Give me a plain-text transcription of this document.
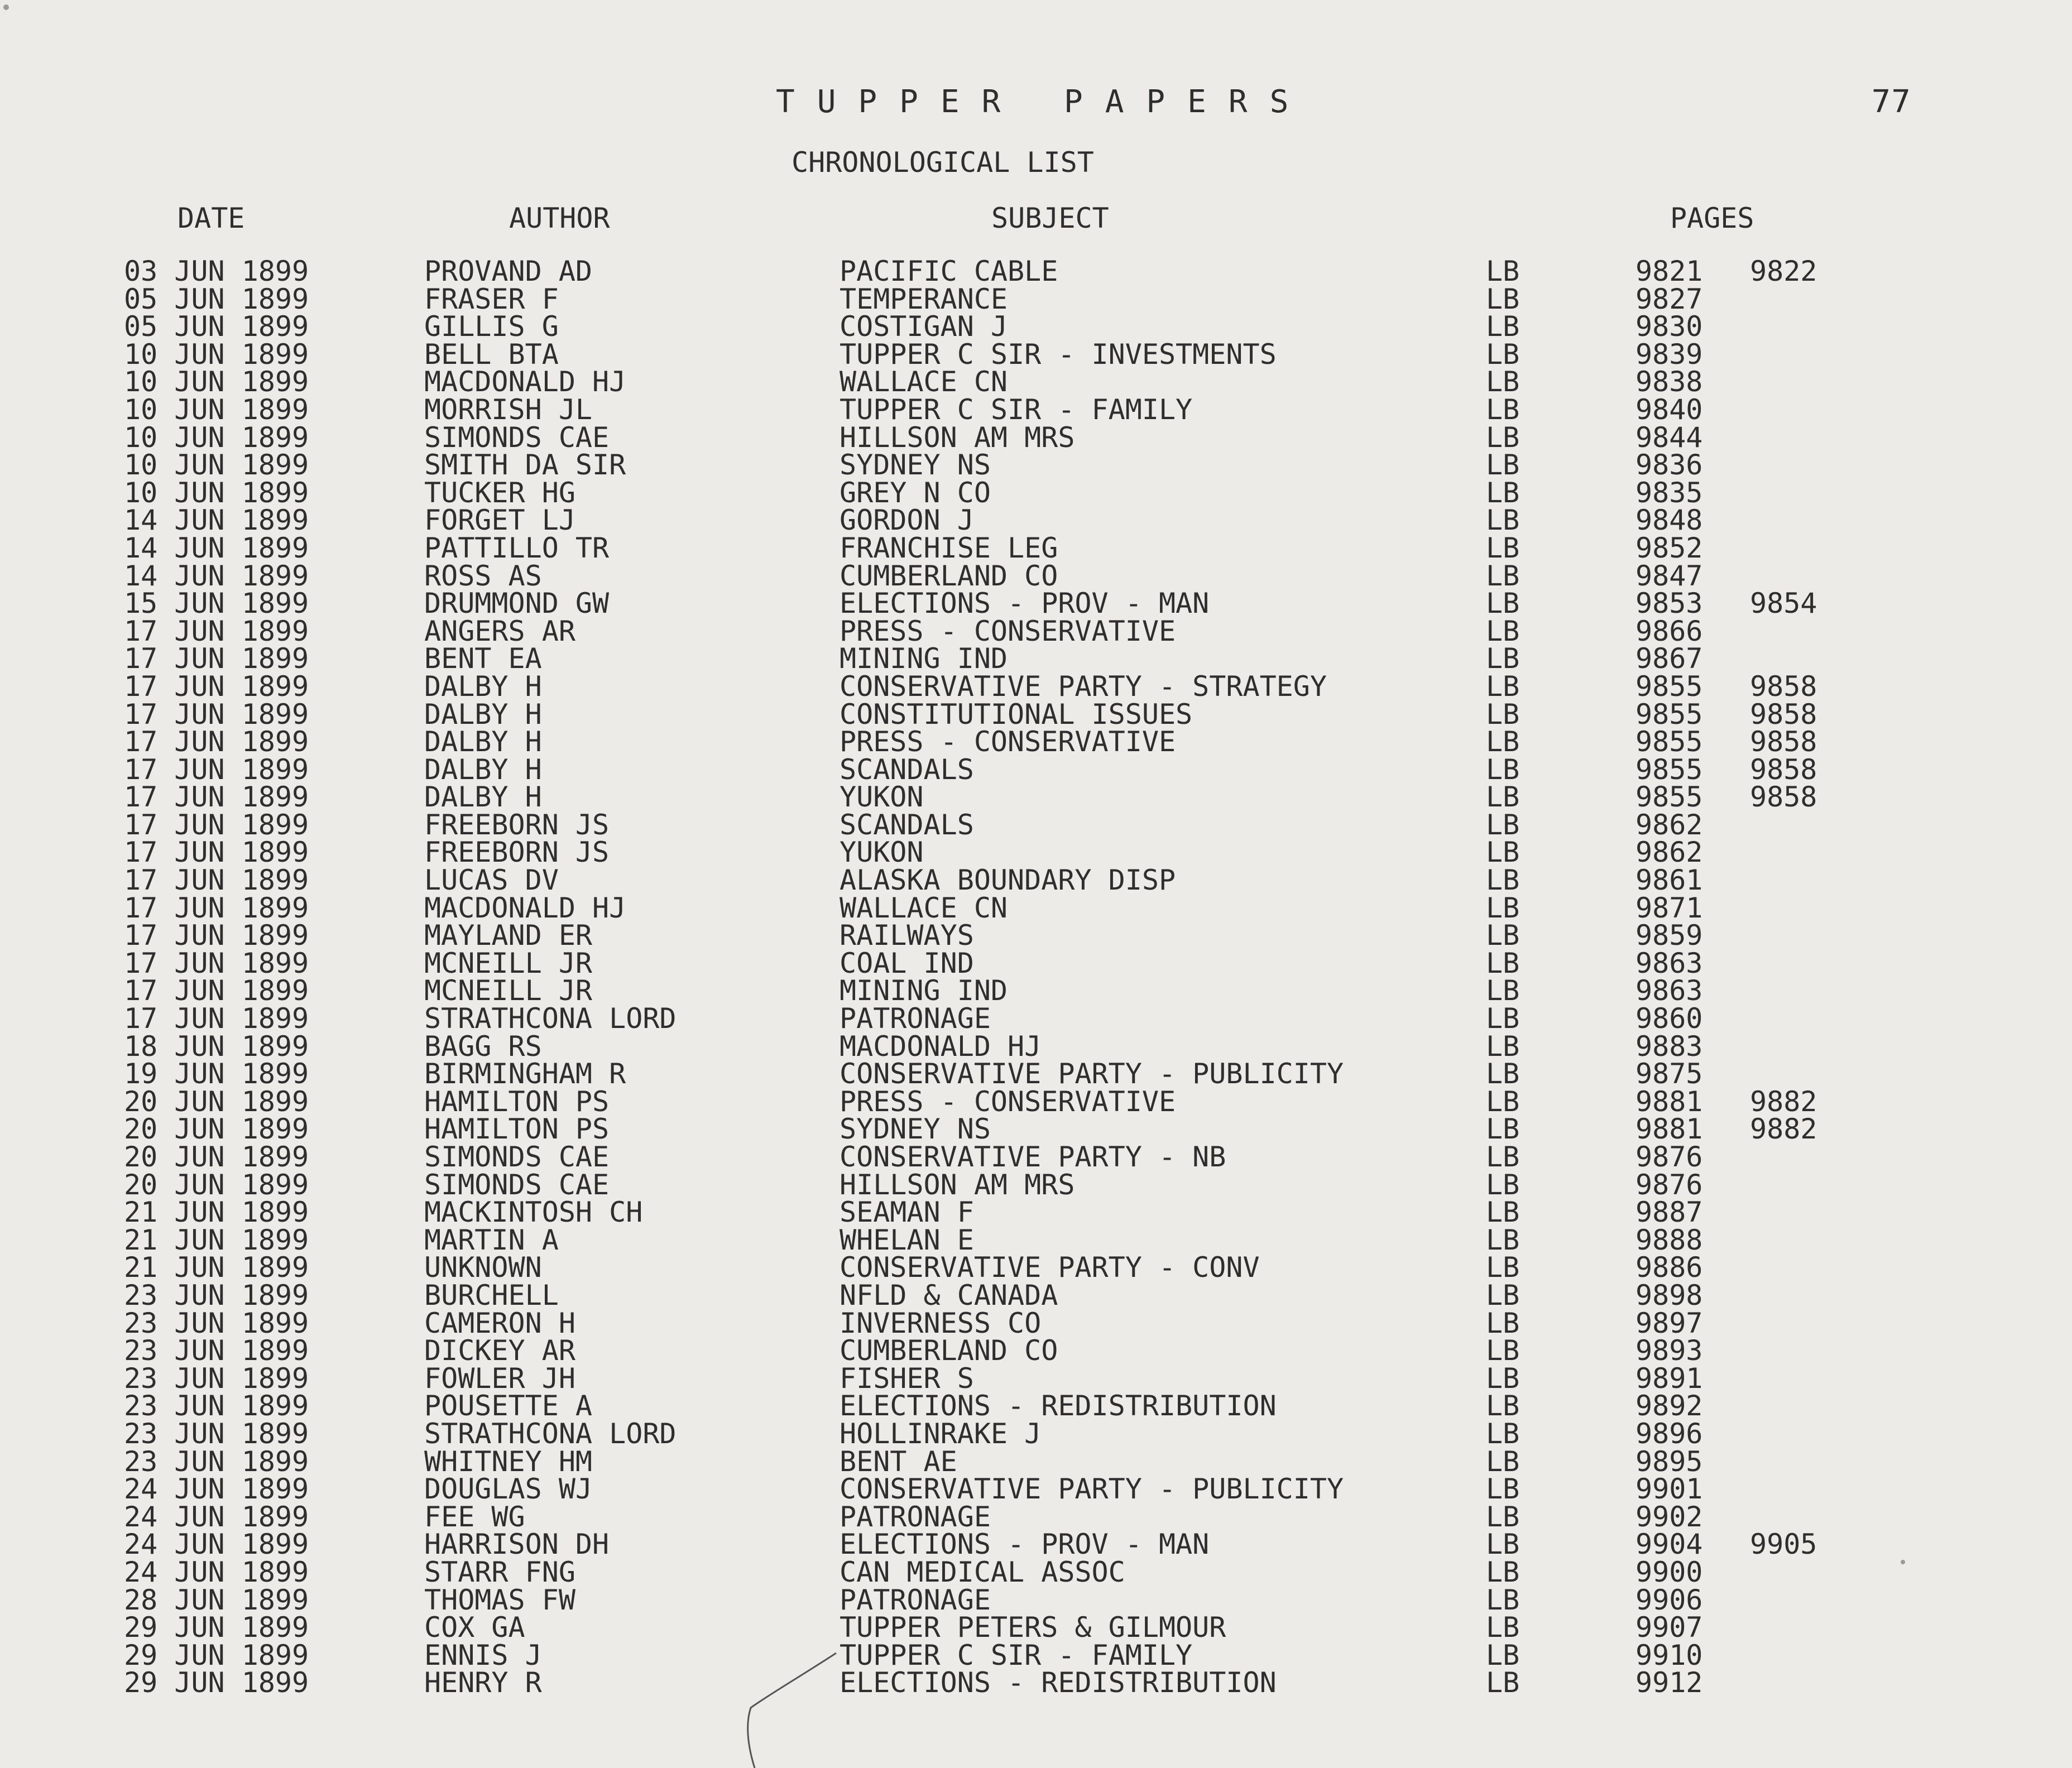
TUPPER PAPERS	77
CHRONOLOGICAL LIST
DATE	AUTHOR	SUBJECT	PAGES
03 JUN 1899	PROVAND AD	PACIFIC CABLE	LB	9821 9822
05 JUN 1899	FRASER F	TEMPERANCE	LB	9827
05 JUN 1899	GILLIS G	COSTIGAN J	LB	9830
10 JUN 1899	BELL BTA	TUPPER C SIR - INVESTMENTS	LB	9839
10 JUN 1899	MACDONALD HJ	WALLACE CN	LB	9838
10 JUN 1899	MORRISH JL	TUPPER C SIR - FAMILY	LB	9840
10 JUN 1899	SIMONDS CAE	HILLSON AM MRS	LB	9844
10 JUN 1899	SMITH DA SIR	SYDNEY NS	LB	9836
10 JUN 1899	TUCKER HG	GREY N CO	LB	9835
14 JUN 1899	FORGET LJ	GORDON J	LB	9848
14 JUN 1899	PATTILLO TR	FRANCHISE LEG	LB	9852
14 JUN 1899	ROSS AS	CUMBERLAND CO	LB	9847
15 JUN 1899	DRUMMOND GW	ELECTIONS - PROV - MAN	LB	9853 9854
17 JUN 1899	ANGERS AR	PRESS - CONSERVATIVE	LB	9866
17 JUN 1899	BENT EA	MINING IND	LB	9867
17 JUN 1899	DALBY H	CONSERVATIVE PARTY - STRATEGY	LB	9855 9858
17 JUN 1899	DALBY H	CONSTITUTIONAL ISSUES	LB	9855 9858
17 JUN 1899	DALBY H	PRESS - CONSERVATIVE	LB	9855 9858
17 JUN 1899	DALBY H	SCANDALS	LB	9855 9858
17 JUN 1899	DALBY H	YUKON	LB	9855 9858
17 JUN 1899	FREEBORN JS	SCANDALS	LB	9862
17 JUN 1899	FREEBORN JS	YUKON	LB	9862
17 JUN 1899	LUCAS DV	ALASKA BOUNDARY DISP	LB	9861
17 JUN 1899	MACDONALD HJ	WALLACE CN	LB	9871
17 JUN 1899	MAYLAND ER	RAILWAYS	LB	9859
17 JUN 1899	MCNEILL JR	COAL IND	LB	9863
17 JUN 1899	MCNEILL JR	MINING IND	LB	9863
17 JUN 1899	STRATHCONA LORD	PATRONAGE	LB	9860
18 JUN 1899	BAGG RS	MACDONALD HJ	LB	9883
19 JUN 1899	BIRMINGHAM R	CONSERVATIVE PARTY - PUBLICITY	LB	9875
20 JUN 1899	HAMILTON PS	PRESS - CONSERVATIVE	LB	9881 9882
20 JUN 1899	HAMILTON PS	SYDNEY NS	LB	9881 9882
20 JUN 1899	SIMONDS CAE	CONSERVATIVE PARTY - NB	LB	9876
20 JUN 1899	SIMONDS CAE	HILLSON AM MRS	LB	9876
21 JUN 1899	MACKINTOSH CH	SEAMAN F	LB	9887
21 JUN 1899	MARTIN A	WHELAN E	LB	9888
21 JUN 1899	UNKNOWN	CONSERVATIVE PARTY - CONV	LB	9886
23 JUN 1899	BURCHELL	NFLD & CANADA	LB	9898
23 JUN 1899	CAMERON H	INVERNESS CO	LB	9897
23 JUN 1899	DICKEY AR	CUMBERLAND CO	LB	9893
23 JUN 1899	FOWLER JH	FISHER S	LB	9891
23 JUN 1899	POUSETTE A	ELECTIONS - REDISTRIBUTION	LB	9892
23 JUN 1899	STRATHCONA LORD	HOLLINRAKE J	LB	9896
23 JUN 1899	WHITNEY HM	BENT AE	LB	9895
24 JUN 1899	DOUGLAS WJ	CONSERVATIVE PARTY - PUBLICITY	LB	9901
24 JUN 1899	FEE WG	PATRONAGE	LB	9902
24 JUN 1899	HARRISON DH	ELECTIONS - PROV - MAN	LB	9904 9905
24 JUN 1899	STARR FNG	CAN MEDICAL ASSOC	LB	9900
28 JUN 1899	THOMAS FW	PATRONAGE	LB	9906
29 JUN 1899	COX GA	TUPPER PETERS & GILMOUR	LB	9907
29 JUN 1899	ENNIS J	TUPPER C SIR - FAMILY	LB	9910
29 JUN 1899	HENRY R	ELECTIONS - REDISTRIBUTION	LB	9912
